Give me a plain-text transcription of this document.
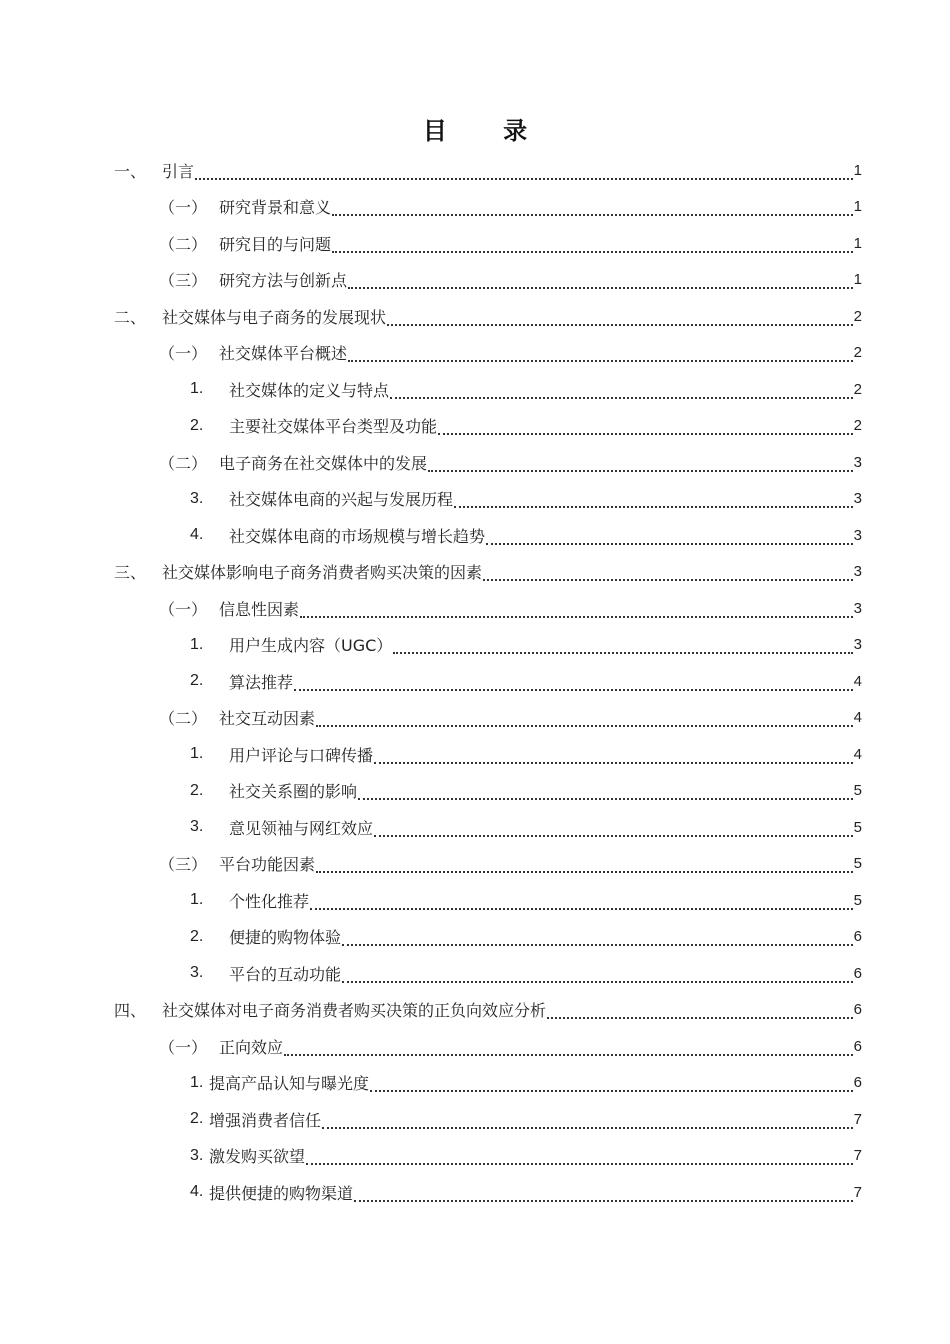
目 录
一、 引言	1
（一） 研究背景和意义	1
（二） 研究目的与问题	1
（三） 研究方法与创新点	1
二、 社交媒体与电子商务的发展现状	2
（一） 社交媒体平台概述	2
1.	社交媒体的定义与特点	2
2.	主要社交媒体平台类型及功能	2
（二） 电子商务在社交媒体中的发展	3
3.	社交媒体电商的兴起与发展历程	3
4.	社交媒体电商的市场规模与增长趋势	3
三、 社交媒体影响电子商务消费者购买决策的因素	3
（一） 信息性因素	3
1.	用户生成内容（UGC）	3
2.	算法推荐	4
（二） 社交互动因素	4
1.	用户评论与口碑传播	4
2.	社交关系圈的影响	5
3.	意见领袖与网红效应	5
（三） 平台功能因素	5
1.	个性化推荐	5
2.	便捷的购物体验	6
3.	平台的互动功能	6
四、 社交媒体对电子商务消费者购买决策的正负向效应分析	6
（一） 正向效应	6
1. 提高产品认知与曝光度	6
2. 增强消费者信任	7
3. 激发购买欲望	7
4. 提供便捷的购物渠道	7
